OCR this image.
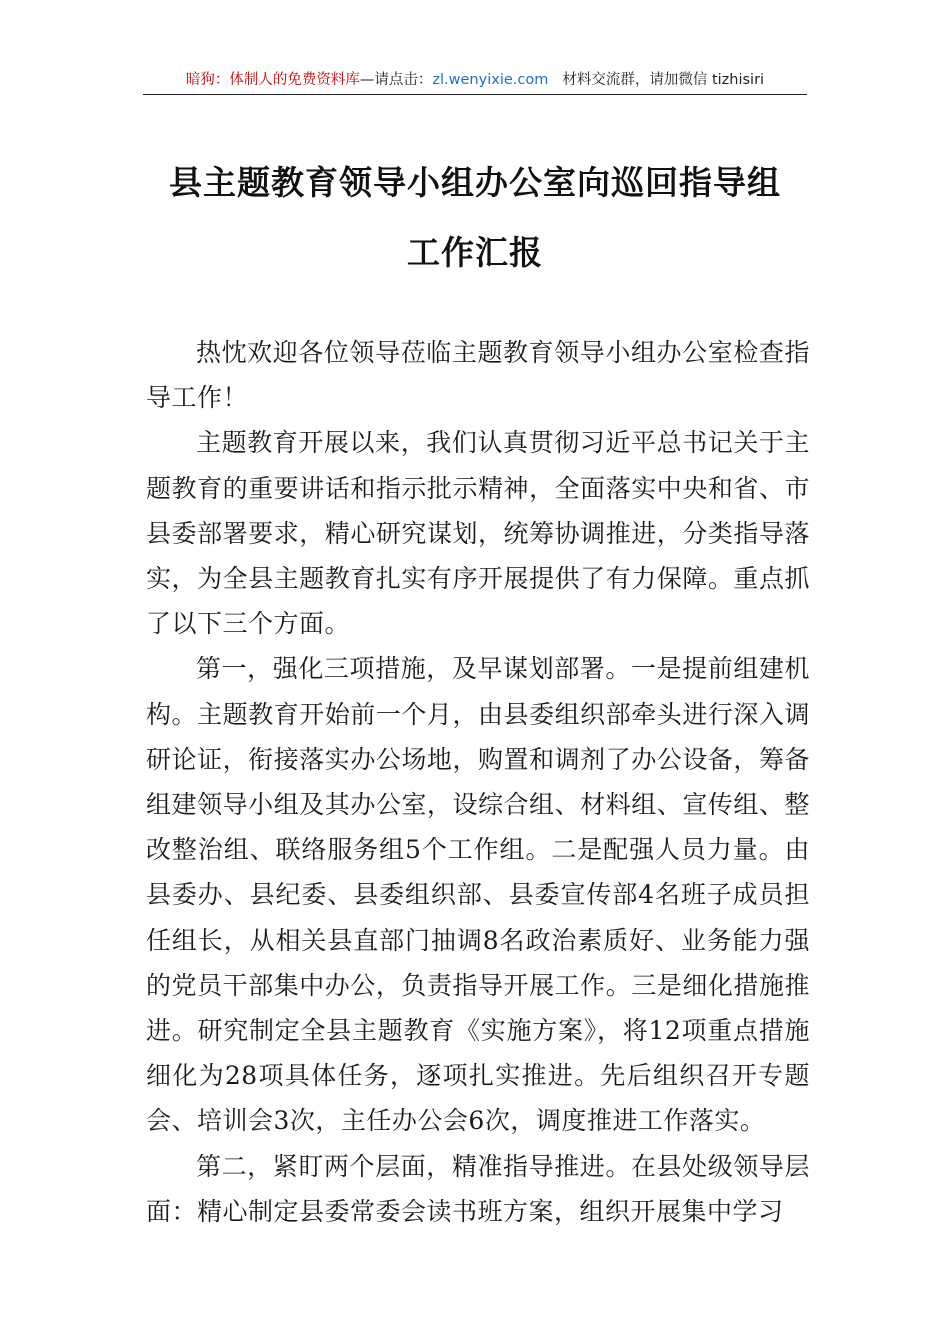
暗狗：体制人的免费资料库—请点击：zl.wenyixie.com 材料交流群，请加微信 tizhisiri
县主题教育领导小组办公室向巡回指导组
工作汇报

热忱欢迎各位领导莅临主题教育领导小组办公室检查指导工作！

主题教育开展以来，我们认真贯彻习近平总书记关于主题教育的重要讲话和指示批示精神，全面落实中央和省、市县委部署要求，精心研究谋划，统筹协调推进，分类指导落实，为全县主题教育扎实有序开展提供了有力保障。重点抓了以下三个方面。

第一，强化三项措施，及早谋划部署。一是提前组建机构。主题教育开始前一个月，由县委组织部牵头进行深入调研论证，衔接落实办公场地，购置和调剂了办公设备，筹备组建领导小组及其办公室，设综合组、材料组、宣传组、整改整治组、联络服务组5个工作组。二是配强人员力量。由县委办、县纪委、县委组织部、县委宣传部4名班子成员担任组长，从相关县直部门抽调8名政治素质好、业务能力强的党员干部集中办公，负责指导开展工作。三是细化措施推进。研究制定全县主题教育《实施方案》，将12项重点措施细化为28项具体任务，逐项扎实推进。先后组织召开专题会、培训会3次，主任办公会6次，调度推进工作落实。

第二，紧盯两个层面，精准指导推进。在县处级领导层面：精心制定县委常委会读书班方案，组织开展集中学习
